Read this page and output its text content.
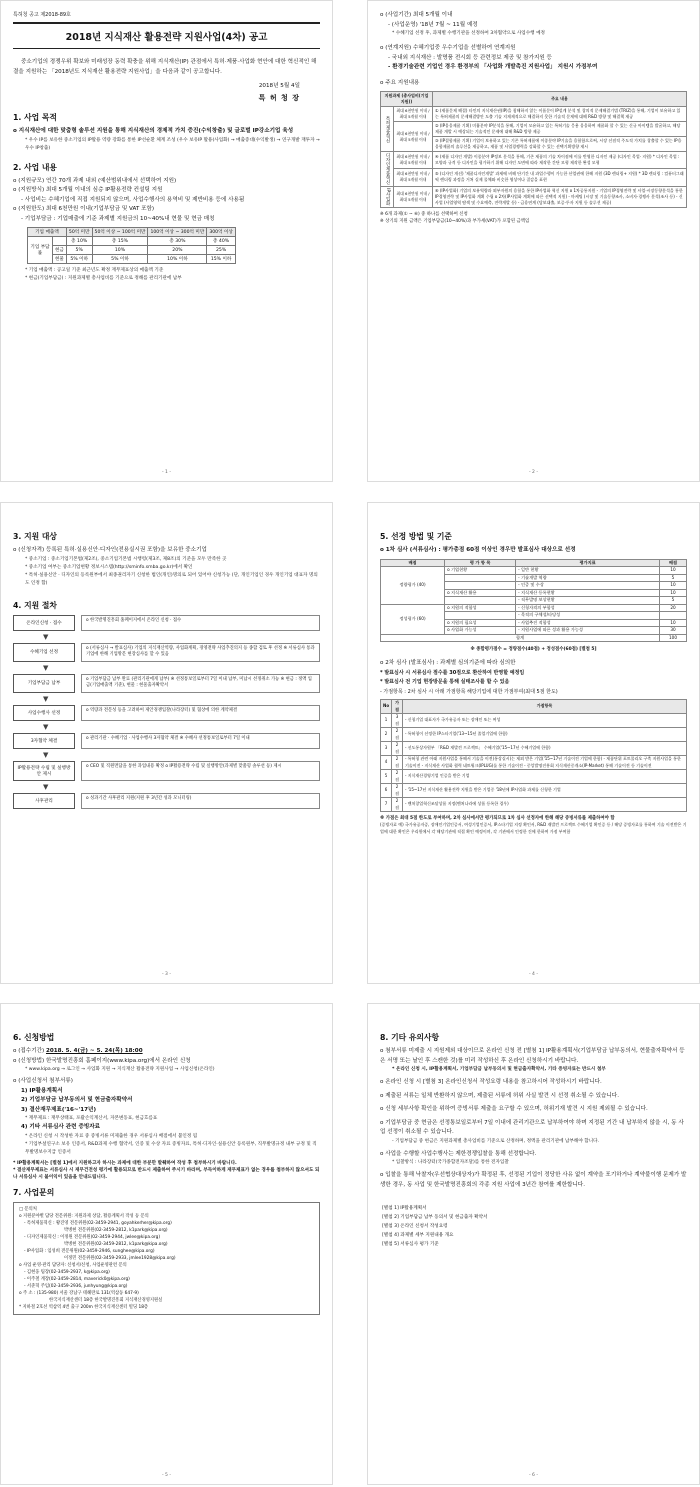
특허청 공고 제2018-89호
2018년 지식재산 활용전략 지원사업(4차) 공고

중소기업의 경쟁우위 확보와 미래성장 동력 확충을 위해 지식재산(IP) 관점에서 특허·제품·사업화 현안에 대한 혁신적인 해결을 지원하는 「2018년도 지식재산 활용전략 지원사업」을 다음과 같이 공고합니다.

2018년 5월 4일
특 허 청 장
1. 사업 목적

o 지식재산에 대한 맞춤형 솔루션 지원을 통해 지식재산의 경제적 가치 증진(수익창출) 및 글로벌 IP강소기업 육성

* 우수 IP를 보유한 중소기업의 IP활용 역량 강화를 통한 IP선순환 체계 조성 (우수 보유IP 활용(사업화) → 매출증대(수익발생) → 연구개발 재투자 → 우수 IP창출)

2. 사업 내용

o (지원규모) 연간 70개 과제 내외 (예산범위내에서 선택하여 지원)

o (지원방식) 최대 5개월 이내의 심층 IP활용전략 컨설팅 지원

- 사업비는 수혜기업에 직접 지원되지 않으며, 사업수행사의 용역비 및 제반비용 등에 사용됨

o (지원한도) 최대 6천만원 이내(기업부담금 및 VAT 포함)

- 기업부담금 : 기업매출에 기준 과제별 지원금의 10~40%내 현물 및 현금 매칭

기업 매출액		50억 미만	50억 이상 ~ 100억 미만	100억 이상 ~ 300억 미만	300억 이상
기업 부담률		총 10%	총 15%	총 30%	총 40%
	현금	5%	10%	20%	25%
	현물	5% 이하	5% 이하	10% 이하	15% 이하

* 기업 매출액 : 공고일 기준 최근년도 확정 재무제표상의 매출액 기준

* 현금(기업부담금) : 지원과제별 총사업비를 기준으로 정해를 관리기관에 납부

- 1 -

o (사업기간) 최대 5개월 이내

- (사업운영) '18년 7월 ~ 11월 예정

* 수혜기업 선정 후, 과제별 수행기관을 선정하여 3차협약으로 사업수행 예정

o (연계지원) 수혜기업중 우수기업을 선별하여 연계지원

- 국내외 지식재산 : 발명품 전시회 등 관련정보 제공 및 참가지원 등

- 환경기술관련 기업인 경우 환경부의 「사업화 개발촉진 지원사업」 지원시 가점부여

o 주요 지원내용

지원과제 (총사업비(기업지원))		주요 내용
특허제품혁신	최대 6천만원 이내 / 최대 5개월 이내	① (제품문제 해결) 타인의 지식재산권(IP)을 침해하지 않는 이품문이 IP설계 분석 및 창의적 문제해결기법 (TRIZ)을 통해, 기업이 보유하고 있는 특허제품의 문제해결방안 도출 기술 지재제적으로 해결하지 못한 기술적 문제에 대해 R&D 방향 및 해결책 제공
	최대 6천만원 이내 / 최대 5개월 이내	② (IP융융제품 기획) 미흡분야 IP분석을 통해, 기업이 모유하고 있는 특허기술 응용 융융하여 제품화 할 수 있는 신규 아이템을 발굴하고, 해당 제품 개발 시 예상되는 기술적인 문제에 대해 R&D 방향 제공
		③ (IP결합제품 기획) 기업이 보유하고 있는 기존 특허제품에 이종분야 IP기술을 융합함으로써, 시장 선점적 주도적 가치를 창출할 수 있는 IP융융합제품의 솔루션을 제공하고, 제품 및 사업경쟁력을 강화할 수 있는 선택기획방향 제시
디자인제품혁신	최대 6천만원 이내 / 최대 5개월 이내	④ (제품 디자인 개발) 이종분야 IP정보 분석을 통해, 기존 제품의 기술 차이점에 이를 반영한 디자인 제공 (디자인 목업· 지원) * 디자인 목업 : 모양과 규격 등 디자인을 평가하기 위해 디자인 도면에 따라 제작한 간단 모형 제작한 완성 모형
	최대 6천만원 이내 / 최대 5개월 이내	⑤ (디자인 개선) '제품디자인개발' 과제에 비해 단기간 내 과업수행이 가능한 산업권에 한해 지원 (3D 렌더링+ 지원) * 3D 렌더링 : 컴퓨터그래픽 렌더링 과정을 거쳐 실제 물체와 비슷한 영상이나 질감을 표현
IP사업화	최대 6천만원 이내 / 최대 5개월 이내	⑥ (IP사업화) 기업의 보유역량과 외부자원의 융합을 통한 IP사업화 혁신 지원 o 1차공통지원 - 기업의 IP경영전략 및 사업·시장동향분석을 통한 IP경영전략 및 IP사업화 계획 수립 o 2차(IP사업화 계획에 따른 선택적 지원) - 마케팅 (시장 및 기술동향조사, 소비자·경쟁사 분석(조사 등) - 신사업 (사업영역 탐색 및 수요예측, 전략개발 등) - 금융연계 (담보대출, 보증·투자 지원 등 솔루션 제공)

※ 6개 과제(① ~ ⑥) 중 하나를 선택하여 신청

※ 상기의 지원 금액은 기업부담금(10~40%)과 부가세(VAT)가 포함된 금액임

- 2 -
3. 지원 대상

o (신청자격) 등록된 특허·실용신안·디자인(전용실시권 포함)을 보유한 중소기업

* 중소기업 : 중소기업기본법(제2조), 중소기업기본법 시행령(제3조, 제8조)의 기준을 모두 만족한 곳

* 중소기업 여부는 중소기업현황 정보시스템(http://sminfo.smba.go.kr)에서 확인

* 특허·실용신안 · 디자인의 등록원부에서 최종권리자기 신청한 법인(개인)명의로 되어 있어야 신청가능 (단, 개인기업인 경우 개인기업 대표자 명의도 인정 함)

4. 지원 절차
온라인신청 · 접수
o 한국발명진흥회 홈페이지에서 온라인 신청 · 접수
▼
수혜기업 선정
o (서류심사 → 발표심사) 기업의 지식재산역량, 사업화계획, 경영전략 사업추진의지 등 종합 검토 후 선정 ※ 서류심사 통과 기업에 한해 기업방문 현장심사를 할 수 있음
▼
기업부담금 납부
o 기업부담금 납부 완료 (관리기관에게 납부) ※ 선정통보일로부터 7일 이내 납부, 미납시 선정취소 가능 ※ 현금 : 정액 입금(기업매출액 기준), 현물 : 현물출자확약서
▼
사업수행사 선정
o 역량과 전문성 등을 고려하여 제안경쟁입찰(나라장터) 및 협상에 의한 계약체결
▼
3자협약 체결
o 관리기관 · 수혜기업 · 사업수행사 3자협약 체결 ※ 수혜사 선정통보일로부터 7일 이내
▼
IP활용전략 수립 및 실행방안 제시
o CEO 및 직원면담을 통한 과업내용 확정 o IP활용전략 수립 및 실행방안(과제별 맞춤형 솔루션 등) 제시
▼
사후관리
o 성과기간 사후관리 지원(지원 후 3년간 성과 모니터링)
- 3 -
5. 선정 방법 및 기준

o 1차 심사 (서류심사) : 평가총점 60점 이상인 경우만 발표심사 대상으로 선정

배점	평 가 항 목	평가지표	배점
정량평가 (40)	o 기업현황	- 일반 현황	10
		- 기술개발 역량	5
		- 인증 및 수상	10
	o 지식재산 활용	- 지식재산 등록현황	10
		- 직무발명 보상현황	5
정성평가 (60)	o 지원의 적합성	- 신청자격의 부합성	20
		- 목적의 구체성/타당성	
	o 지원의 필요성	- 사업추진 적합성	10
	o 사업화 가능성	- 지원사업에 따른 성과 활용 가능성	30
합계			100

※ 종합평가점수 = 정량점수(40점) + 정성점수(60점) [별첨 5]

o 2차 심사 (발표심사) : 과제별 심의기준에 따라 심의한

* 발표심사 시 서류심사 점수를 30점으로 환산하여 반영할 예정임

* 발표심사 전 기업 현장방문을 통해 실태조사를 할 수 있음

- 가점항목 : 2차 심사 시 아래 가점항목 해당기업에 대한 가점부여(최대 5점 한도)

No	가점	가점항목
1	3점	- 신청기업 대표자가 국가유공자 또는 장애인 또는 여성
2	2점	- 특허청이 선정한 IP스타기업('13~15년 졸업기업에 한함)
3	2점	- 선도통상자원부 「R&D 재발견 프로젝트」 수혜기업('15~17년 수혜기업에 한함)
4	2점	- 특허청 관련 아래 지원사업을 통해서 기술을 이전(통상실시)는 제외 받은 기업('15~17년 기술이전 기업에 한함) - 제품단위 포트폴리오 구축 지원사업을 통한 기술이전 - 지식재산 사업화 협력 네트워크(IPLUG)를 통한 기술이전 - 중앙발명진흥회 지식재산중개소(IP-Market) 통해 기술이전 등 기술이전
5	2점	- 지식재산경영기업 인증을 받은 기업
6	2점	- '15~17년 지식재산 활용전략 지원을 받은 기업중 '18년에 IP사업화 과제를 신청한 기업
7	2점	- 벤처창업혁신조달상품 지정(벤처나라에 상품 등록한 경우)

※ 가점은 최대 5점 한도로 부여하며, 2차 심사에서만 평가되므로 1차 심사 선정자에 한해 해당 증빙서류를 제출하여야 함

(증빙자료 예) 국가유공자증, 장애인기업인증서, 여성기업인증서, IP스타기업 지정 확인서, R&D 재발견 프로젝트 수혜기업 확인증 등 / 해당 증빙자료를 통하여 기술 이전받은 기업에 대한 확인은 우리원에서 각 해당기관에 직접 확인 예정이며, 각 기관에서 인정한 건에 한하여 가점 부여함

- 4 -
6. 신청방법

o (접수기간) 2018. 5. 4(금) ~ 5. 24(목) 18:00

o (신청방법) 한국발명진흥회 홈페이지(www.kipa.org)에서 온라인 신청

* www.kipa.org → 로그인 → 사업화 지원 → 지식재산 활용전략 지원사업 → 사업신청(온라인)

o (사업신청서 첨부서류)

1) IP활용계획서

2) 기업부담금 납부동의서 및 현금출자확약서

3) 결산재무제표('16~'17년)

* 재무제표 : 재무상태표, 포괄손익계산서, 자본변동표, 현금흐름표

4) 기타 서류심사 관련 증빙자료

* 온라인 신청 시 작성한 자료 중 증빙서류 미제출한 경우 서류심사 배점에서 불인정 됨

* 기업부설연구소 보유 인증서, R&D과제 수행 협약서, 인증 및 수상 자료 증빙자료, 특허·디자인·실용신안 등록원부, 직무발명규정 내부 규정 및 직무발명보수지급 인증서

* IP활용계획서는 [별첨 1]에서 지원하고자 하시는 과제에 대한 부분만 발췌하여 작성 후 첨부하시기 바랍니다.

* 결산재무제표는 서류심사 시 재무건전성 평가에 활용되므로 반드시 제출하여 주시기 바라며, 부득이하게 재무제표가 없는 경우를 첨부하지 않으셔도 되나 서류심사 시 불이익이 있음을 안내드립니다.

7. 사업문의

□ 문의처

o 지원분야별 담당 전문위원: 지원과제 상담, 활용계획서 작성 등 문의

- 특허제품혁신 : 황진영 전문위원(02-3459-2941, goyahkerher@kipa.org)

박병현 전문위원(02-3459-2812, k1park@kipa.org)

- 디자인제품혁신 : 이정원 전문위원(02-3459-2944, jwlee@kipa.org)

박병현 전문위원(02-3459-2812, k1park@kipa.org)

- IP사업화 : 임성희 전문위원(02-3459-2946, sunghee@kipa.org)

이정민 전문위원(02-3459-2933, jmlee1928@kipa.org)

o 사업 운영·관리 담당자: 신청서/신청, 사업운영관련 문의

- 김현웅 팀장(02-3459-2937, k@kipa.org)

- 이주철 계장(02-3459-2814, maverick0@kipa.org)

- 서준혁 주임(02-3459-2936, junhyung@kipa.org)

o 주 소 : (135-980) 서울 강남구 테헤란로 131(역삼동 647-9)

한국지식재산센터 18층 한국발명진흥회 지식재산경영지원실

* 지하철 2호선 역삼역 4번 출구 200m 한국지식재산센터 빌딩 18층

- 5 -
8. 기타 유의사항

o 첨부서류 미제출 시 지원제외 대상이므로 온라인 신청 전 [별첨 1] IP활용계획서(기업부담금 납부동의서, 현물출자확약서 등은 서명 또는 날인 후 스캔한 것)를 미리 작성하신 후 온라인 신청하시기 바랍니다.

* 온라인 신청 시, IP활용계획서, 기업부담금 납부동의서 및 현금출자확약서, 기타 증빙자료는 반드시 첨부

o 온라인 신청 시 [별첨 3] 온라인신청서 작성요령 내용을 참고하시어 작성하시기 바랍니다.

o 제출된 서류는 일체 반환하지 않으며, 제출된 서류에 허위 사실 발견 시 선정 취소될 수 있습니다.

o 신청 세부사항 확인을 위하여 증빙서류 제출을 요구할 수 있으며, 허위기재 발견 시 지원 제외될 수 있습니다.

o 기업부담금 중 현금은 선정통보일로부터 7일 이내에 관리기관으로 납부하여야 하며 지정된 기간 내 납부하지 않을 시, 동 사업 선정이 취소될 수 있습니다.

- 기업부담금 중 현금은 지원과제별 총사업비를 기준으로 산정하며, 정액을 관리기관에 납부해야 합니다.

o 사업을 수행할 사업수행사는 제한경쟁입찰을 통해 선정합니다.

* 입찰방식 : 나라장터(국가종합전자조달)를 통한 전자입찰

o 입찰을 통해 낙찰자(우선협상대상자)가 확정된 후, 선정된 기업이 정당한 사유 없이 계약을 포기하거나 계약불이행 문제가 발생한 경우, 동 사업 및 한국발명진흥회의 각종 지원 사업에 3년간 참여를 제한합니다.

[별첨 1] IP활용계획서

[별첨 2] 기업부담금 납부 동의서 및 현금출자 확약서

[별첨 3] 온라인 신청서 작성요령

[별첨 4] 과제별 세부 지원내용 개요

[별첨 5] 서류심사 평가 기준

- 6 -
